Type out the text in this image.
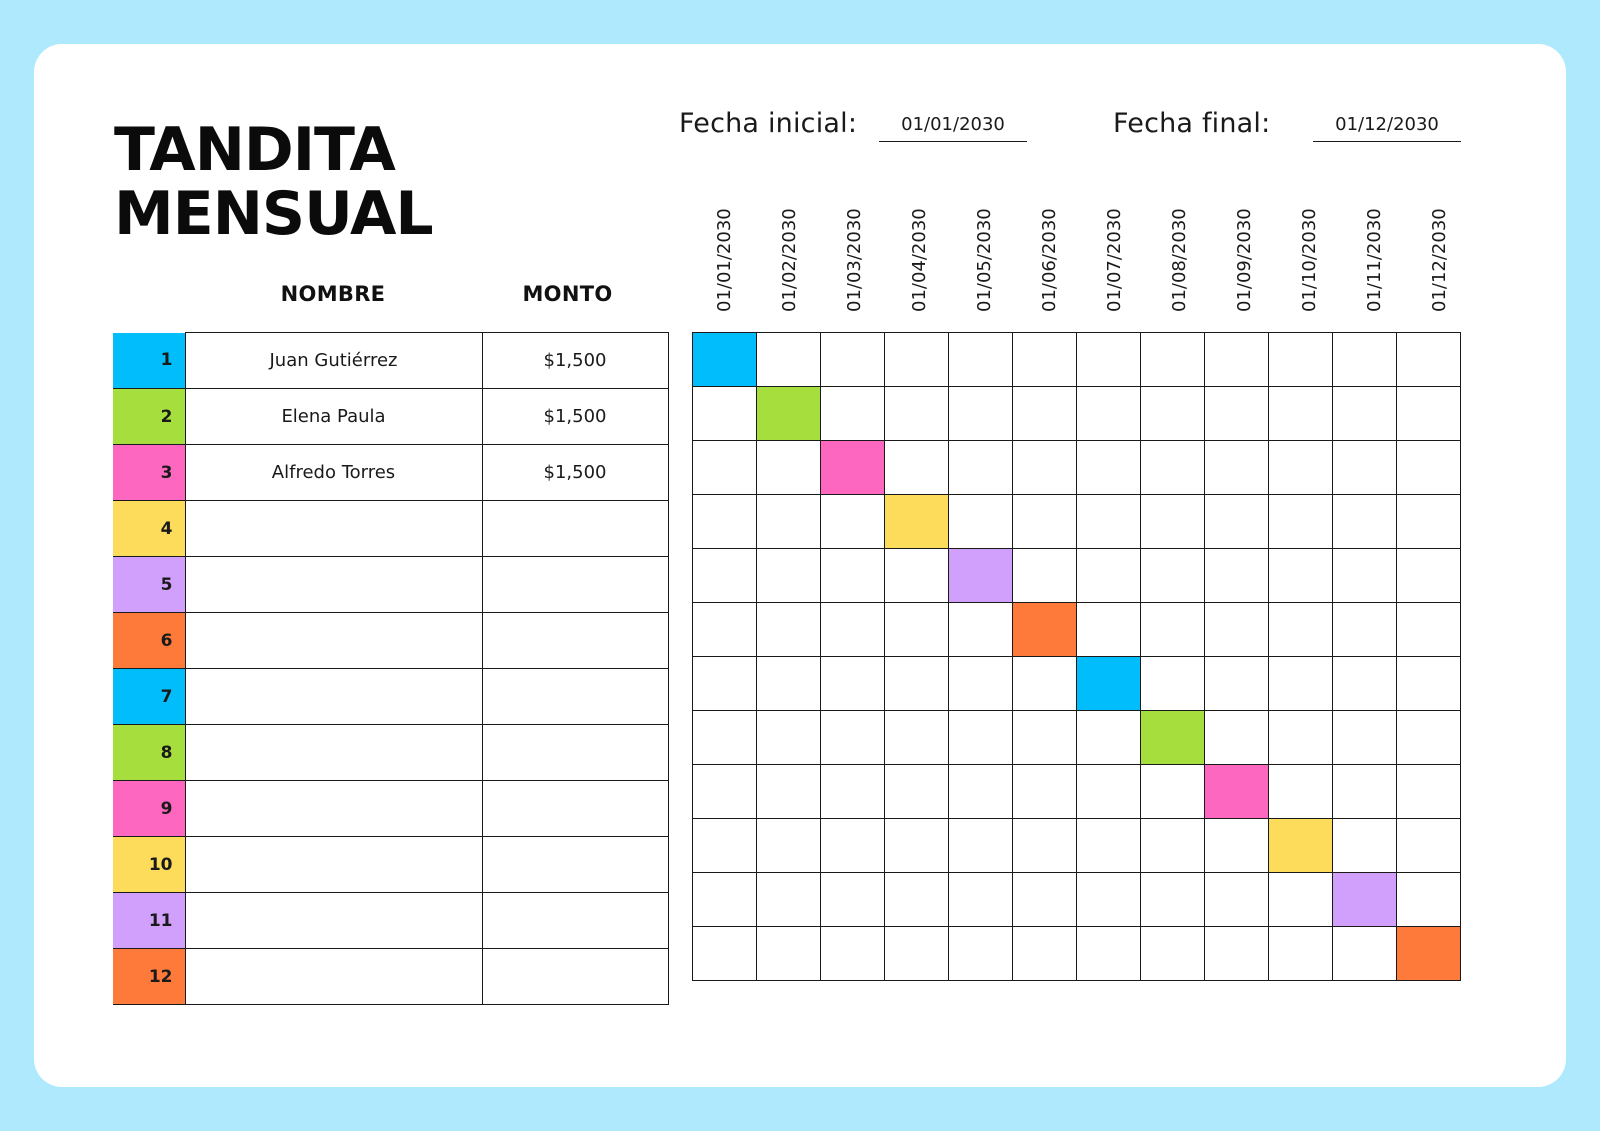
TANDITA
MENSUAL
Fecha inicial:	01/01/2030	Fecha final:	01/12/2030
NOMBRE	MONTO
1	Juan Gutiérrez	$1,500
2	Elena Paula	$1,500
3	Alfredo Torres	$1,500
4		
5		
6		
7		
8		
9		
10		
11		
12		
01/01/2030 01/02/2030 01/03/2030 01/04/2030 01/05/2030 01/06/2030 01/07/2030 01/08/2030 01/09/2030 01/10/2030 01/11/2030 01/12/2030
